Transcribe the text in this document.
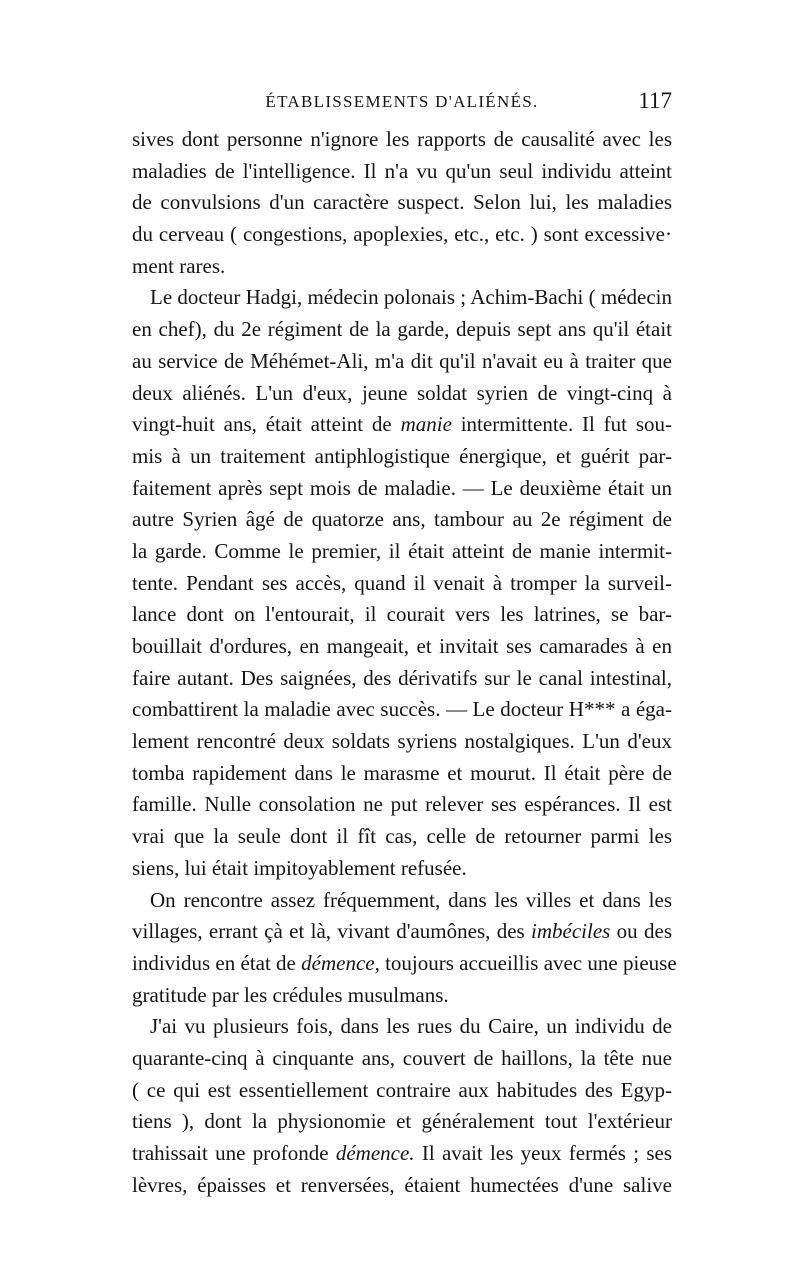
ÉTABLISSEMENTS D'ALIÉNÉS.	117
sives dont personne n'ignore les rapports de causalité avec les
maladies de l'intelligence. Il n'a vu qu'un seul individu atteint
de convulsions d'un caractère suspect. Selon lui, les maladies
du cerveau ( congestions, apoplexies, etc., etc. ) sont excessive·
ment rares.
Le docteur Hadgi, médecin polonais ; Achim-Bachi ( médecin
en chef), du 2e régiment de la garde, depuis sept ans qu'il était
au service de Méhémet-Ali, m'a dit qu'il n'avait eu à traiter que
deux aliénés. L'un d'eux, jeune soldat syrien de vingt-cinq à
vingt-huit ans, était atteint de manie intermittente. Il fut sou-
mis à un traitement antiphlogistique énergique, et guérit par-
faitement après sept mois de maladie. — Le deuxième était un
autre Syrien âgé de quatorze ans, tambour au 2e régiment de
la garde. Comme le premier, il était atteint de manie intermit-
tente. Pendant ses accès, quand il venait à tromper la surveil-
lance dont on l'entourait, il courait vers les latrines, se bar-
bouillait d'ordures, en mangeait, et invitait ses camarades à en
faire autant. Des saignées, des dérivatifs sur le canal intestinal,
combattirent la maladie avec succès. — Le docteur H*** a éga-
lement rencontré deux soldats syriens nostalgiques. L'un d'eux
tomba rapidement dans le marasme et mourut. Il était père de
famille. Nulle consolation ne put relever ses espérances. Il est
vrai que la seule dont il fît cas, celle de retourner parmi les
siens, lui était impitoyablement refusée.
On rencontre assez fréquemment, dans les villes et dans les
villages, errant çà et là, vivant d'aumônes, des imbéciles ou des
individus en état de démence, toujours accueillis avec une pieuse
gratitude par les crédules musulmans.
J'ai vu plusieurs fois, dans les rues du Caire, un individu de
quarante-cinq à cinquante ans, couvert de haillons, la tête nue
( ce qui est essentiellement contraire aux habitudes des Egyp-
tiens ), dont la physionomie et généralement tout l'extérieur
trahissait une profonde démence. Il avait les yeux fermés ; ses
lèvres, épaisses et renversées, étaient humectées d'une salive
